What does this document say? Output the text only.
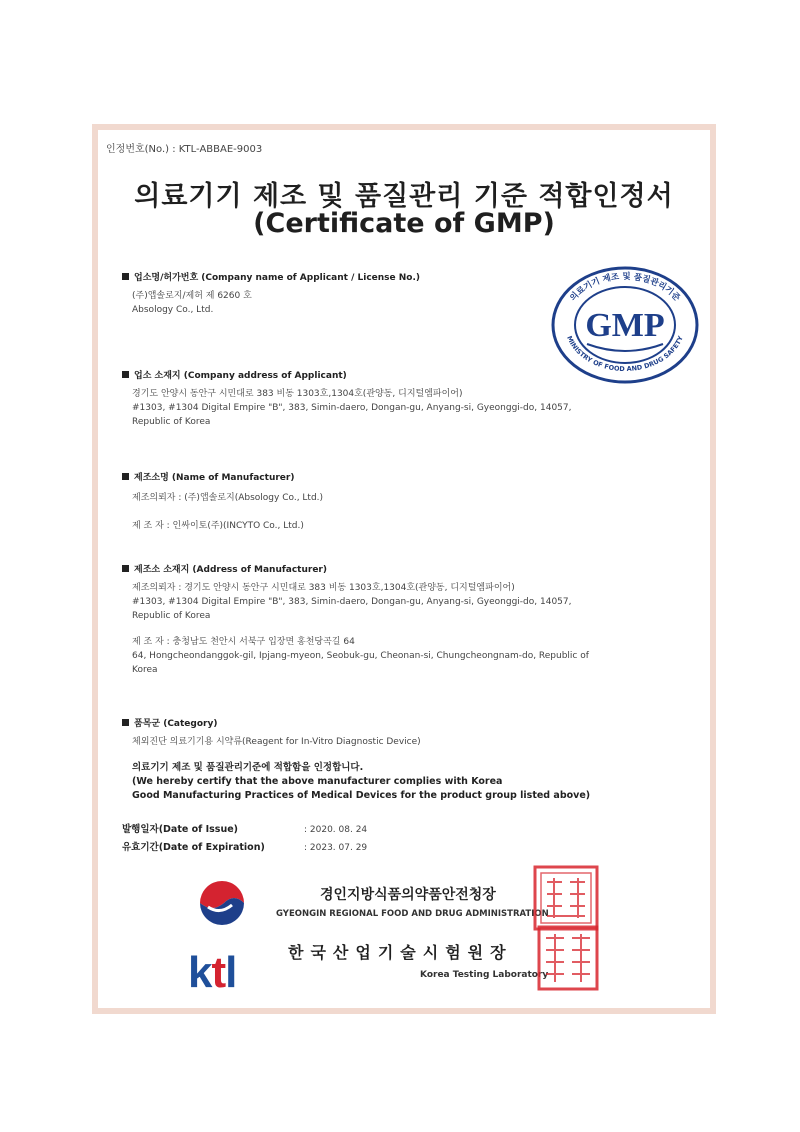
인정번호(No.) : KTL-ABBAE-9003
의료기기 제조 및 품질관리 기준 적합인정서
(Certificate of GMP)
의료기기 제조 및 품질관리기준
MINISTRY OF FOOD AND DRUG SAFETY
GMP
업소명/허가번호 (Company name of Applicant / License No.)
(주)앱솔로지/제허 제 6260 호
Absology Co., Ltd.
업소 소재지 (Company address of Applicant)
경기도 안양시 동안구 시민대로 383 비동 1303호,1304호(관양동, 디지털엠파이어)
#1303, #1304 Digital Empire "B", 383, Simin-daero, Dongan-gu, Anyang-si, Gyeonggi-do, 14057,
Republic of Korea
제조소명 (Name of Manufacturer)
제조의뢰자 : (주)앱솔로지(Absology Co., Ltd.)
제 조 자 : 인싸이토(주)(INCYTO Co., Ltd.)
제조소 소재지 (Address of Manufacturer)
제조의뢰자 : 경기도 안양시 동안구 시민대로 383 비동 1303호,1304호(관양동, 디지털엠파이어)
#1303, #1304 Digital Empire "B", 383, Simin-daero, Dongan-gu, Anyang-si, Gyeonggi-do, 14057,
Republic of Korea
제 조 자 : 충청남도 천안시 서북구 입장면 홍천당곡길 64
64, Hongcheondanggok-gil, Ipjang-myeon, Seobuk-gu, Cheonan-si, Chungcheongnam-do, Republic of
Korea
품목군 (Category)
체외진단 의료기기용 시약류(Reagent for In-Vitro Diagnostic Device)
의료기기 제조 및 품질관리기준에 적합함을 인정합니다.
(We hereby certify that the above manufacturer complies with Korea
Good Manufacturing Practices of Medical Devices for the product group listed above)
발행일자(Date of Issue)	: 2020. 08. 24
유효기간(Date of Expiration)	: 2023. 07. 29
ktl
경인지방식품의약품안전청장
GYEONGIN REGIONAL FOOD AND DRUG ADMINISTRATION
한국산업기술시험원장
Korea Testing Laboratory
